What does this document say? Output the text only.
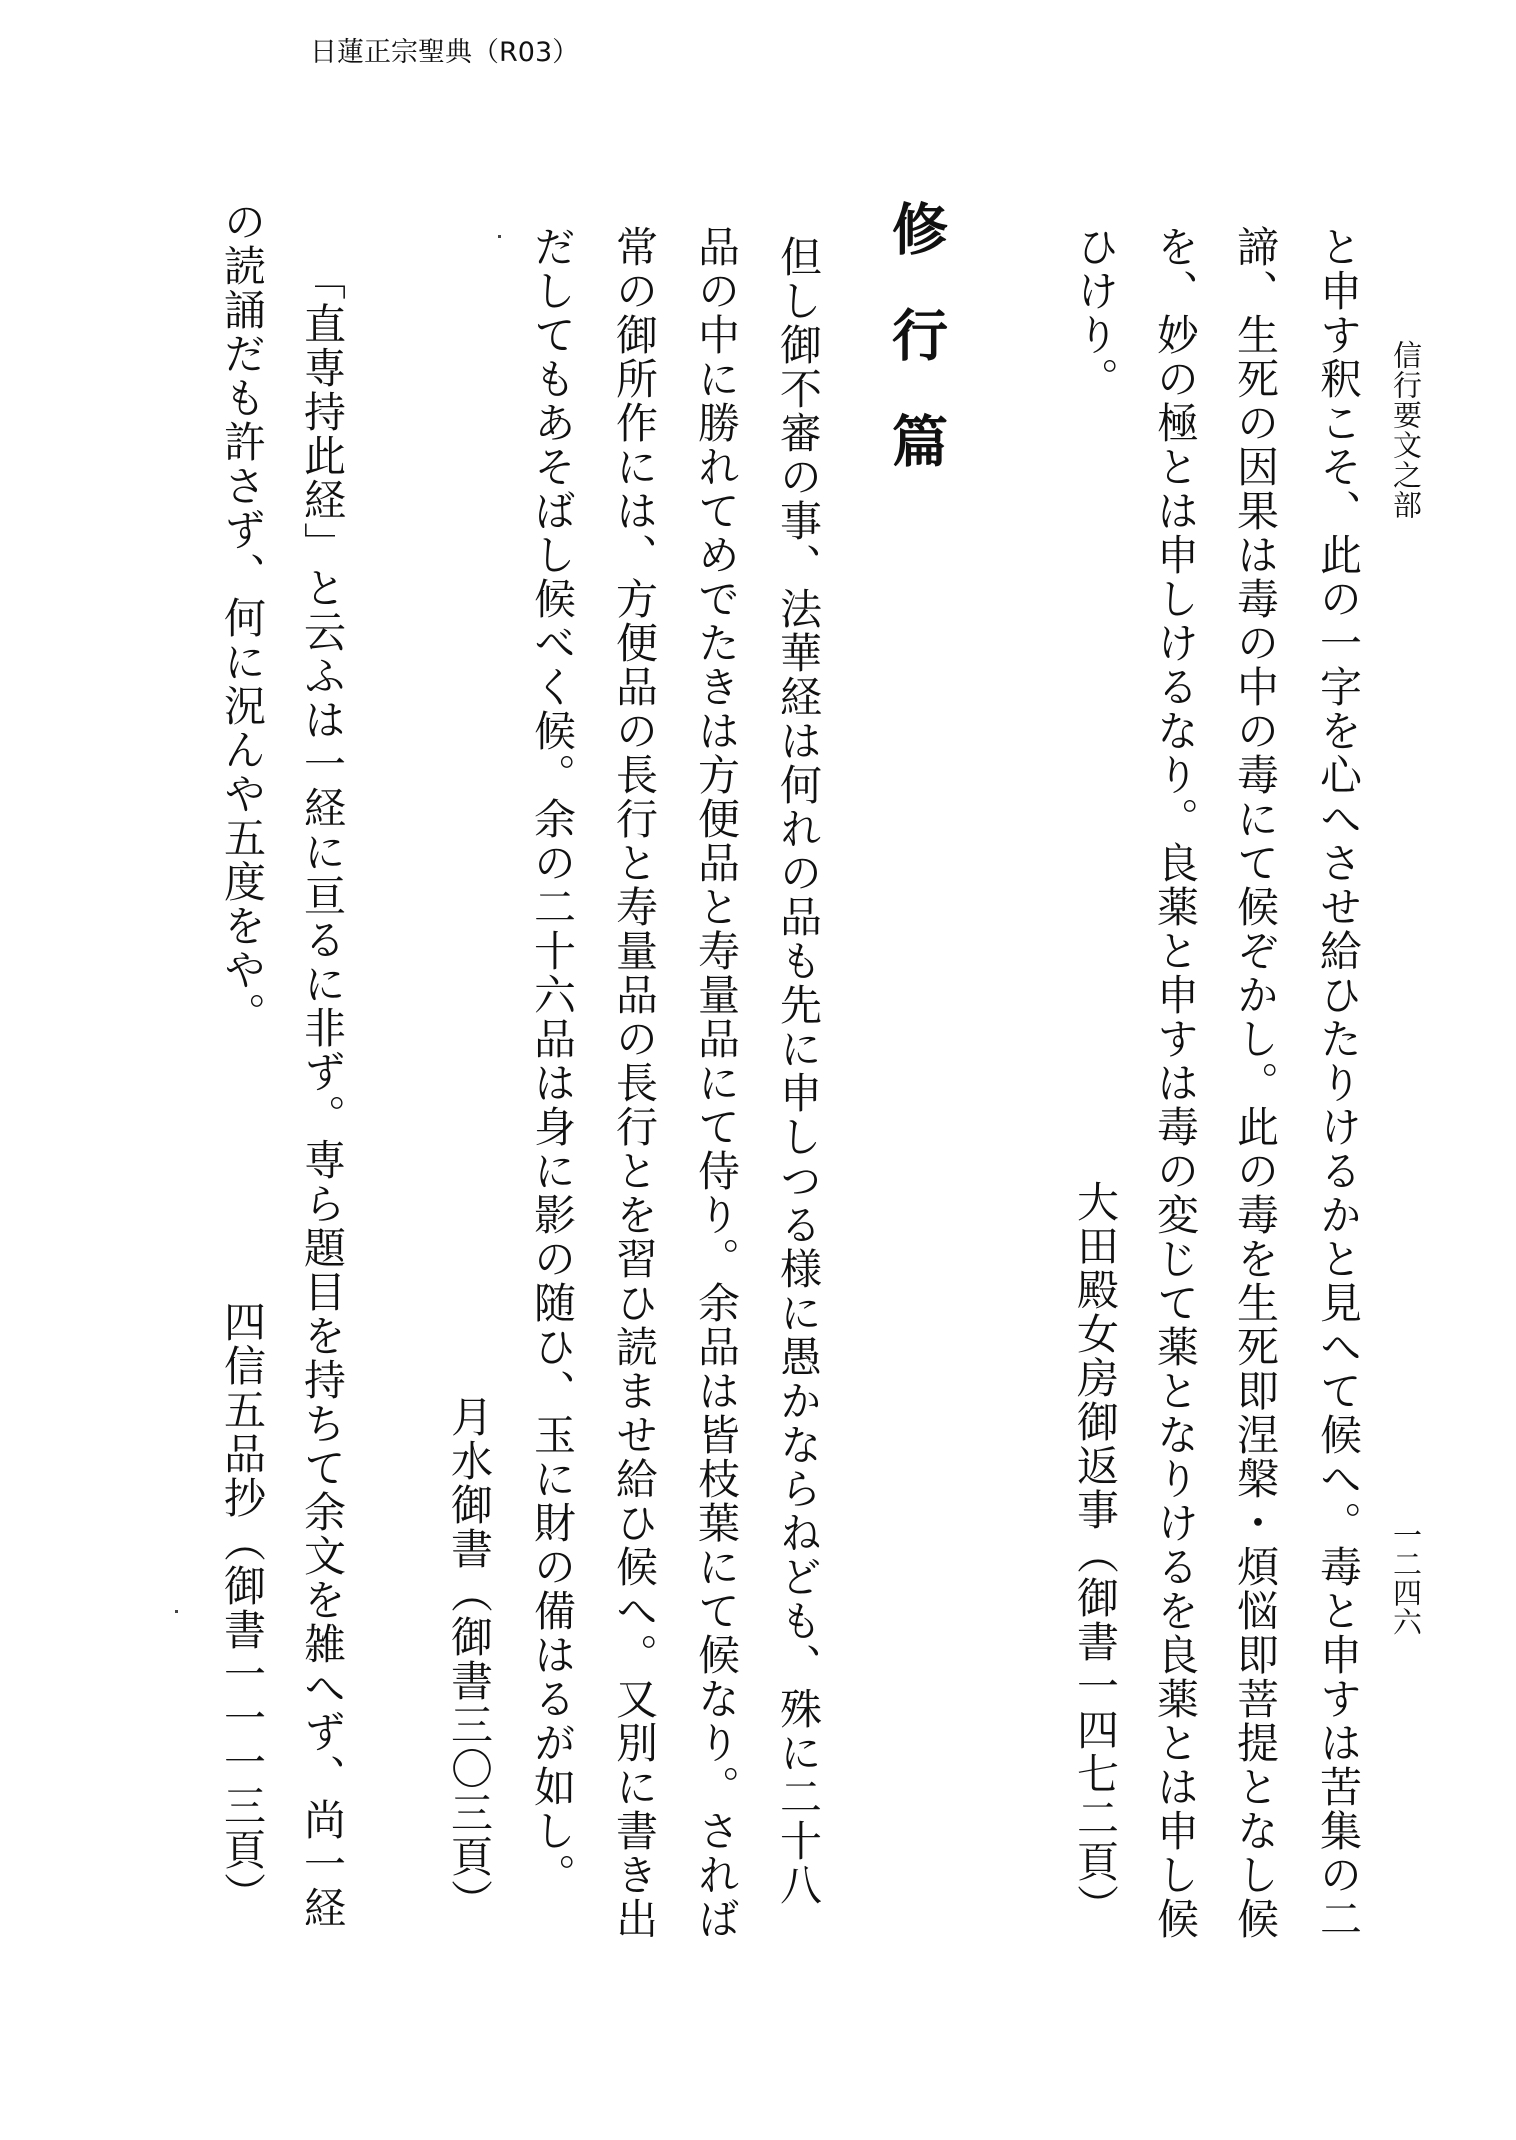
日蓮正宗聖典（R03）
信行要文之部
一二四六

と申す釈こそ、此の一字を心へさせ給ひたりけるかと見へて候へ。毒と申すは苦集の二

諦、生死の因果は毒の中の毒にて候ぞかし。此の毒を生死即涅槃・煩悩即菩提となし候

を、妙の極とは申しけるなり。良薬と申すは毒の変じて薬となりけるを良薬とは申し候

ひけり。

大田殿女房御返事（御書一四七二頁）

修行篇

但し御不審の事、法華経は何れの品も先に申しつる様に愚かならねども、殊に二十八

品の中に勝れてめでたきは方便品と寿量品にて侍り。余品は皆枝葉にて候なり。されば

常の御所作には、方便品の長行と寿量品の長行とを習ひ読ませ給ひ候へ。又別に書き出

だしてもあそばし候べく候。余の二十六品は身に影の随ひ、玉に財の備はるが如し。

月水御書（御書三〇三頁）

「直専持此経」と云ふは一経に亘るに非ず。専ら題目を持ちて余文を雑へず、尚一経

の読誦だも許さず、何に況んや五度をや。

四信五品抄（御書一一一三頁）
